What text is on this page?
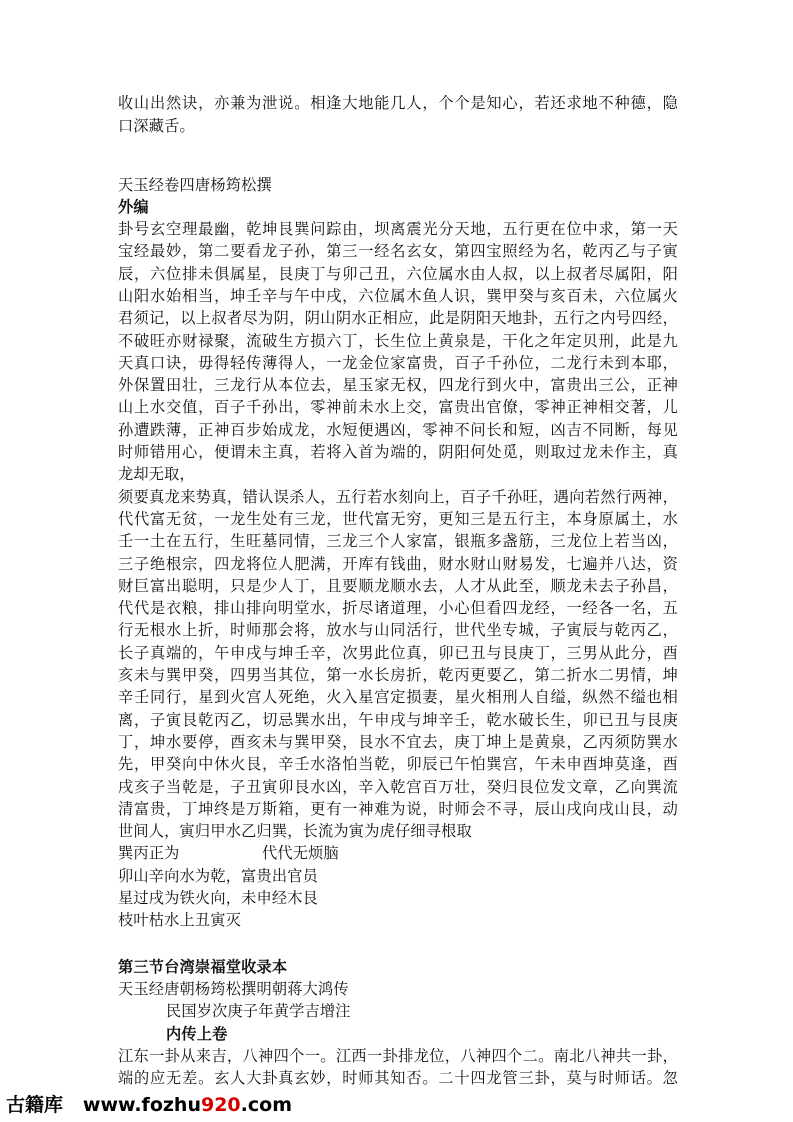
收山出然诀，亦兼为泄说。相逢大地能几人，个个是知心，若还求地不种德，隐
口深藏舌。
天玉经卷四唐杨筠松撰
外编
卦号玄空理最幽，乾坤艮巽问踪由，坝离震光分天地，五行更在位中求，第一天
宝经最妙，第二要看龙子孙，第三一经名玄女，第四宝照经为名，乾丙乙与子寅
辰，六位排未俱属星，艮庚丁与卯己丑，六位属水由人叔，以上叔者尽属阳，阳
山阳水始相当，坤壬辛与午中戌，六位属木鱼人识，巽甲癸与亥百未，六位属火
君须记，以上叔者尽为阴，阴山阴水正相应，此是阴阳天地卦，五行之内号四经，
不破旺亦财禄聚，流破生方损六丁，长生位上黄泉是，干化之年定贝刑，此是九
天真口诀，毋得轻传薄得人，一龙金位家富贵，百子千孙位，二龙行未到本耶，
外保置田壮，三龙行从本位去，星玉家无权，四龙行到火中，富贵出三公，正神
山上水交值，百子千孙出，零神前未水上交，富贵出官僚，零神正神相交著，儿
孙遭跌薄，正神百步始成龙，水短便遇凶，零神不问长和短，凶吉不同断，每见
时师错用心，便谓未主真，若将入首为端的，阴阳何处觅，则取过龙未作主，真
龙却无取，
须要真龙来势真，错认误杀人，五行若水刻向上，百子千孙旺，遇向若然行两神，
代代富无贫，一龙生处有三龙，世代富无穷，更知三是五行主，本身原属土，水
壬一土在五行，生旺墓同情，三龙三个人家富，银瓶多盏筋，三龙位上若当凶，
三子绝根宗，四龙将位人肥满，开库有钱曲，财水财山财易发，七遍并八达，资
财巨富出聪明，只是少人丁，且要顺龙顺水去，人才从此至，顺龙未去子孙昌，
代代是衣粮，排山排向明堂水，折尽诸道理，小心但看四龙经，一经各一名，五
行无根水上折，时师那会将，放水与山同活行，世代坐专城，子寅辰与乾丙乙，
长子真端的，午申戌与坤壬辛，次男此位真，卯已丑与艮庚丁，三男从此分，酉
亥未与巽甲癸，四男当其位，第一水长房折，乾丙更要乙，第二折水二男情，坤
辛壬同行，星到火宫人死绝，火入星宫定损妻，星火相刑人自缢，纵然不缢也相
离，子寅艮乾丙乙，切忌巽水出，午申戌与坤辛壬，乾水破长生，卯已丑与艮庚
丁，坤水要停，酉亥未与巽甲癸，艮水不宜去，庚丁坤上是黄泉，乙丙须防巽水
先，甲癸向中休火艮，辛壬水洛怕当乾，卯辰已午怕巽宫，午未申酉坤莫逢，酉
戌亥子当乾是，子丑寅卯艮水凶，辛入乾宫百万壮，癸归艮位发文章，乙向巽流
清富贵，丁坤终是万斯箱，更有一神难为说，时师会不寻，辰山戌向戌山艮，动
世间人，寅归甲水乙归巽，长流为寅为虎仔细寻根取
巽丙正为	代代无烦脑
卯山辛向水为乾，富贵出官员
星过戌为铁火向，未申经木艮
枝叶枯水上丑寅灭
第三节台湾崇福堂收录本
天玉经唐朝杨筠松撰明朝蒋大鸿传
民国岁次庚子年黄学吉增注
内传上卷
江东一卦从来吉，八神四个一。江西一卦排龙位，八神四个二。南北八神共一卦，
端的应无差。玄人大卦真玄妙，时师其知否。二十四龙管三卦，莫与时师话。忽
古籍库 www.fozhu920.com
